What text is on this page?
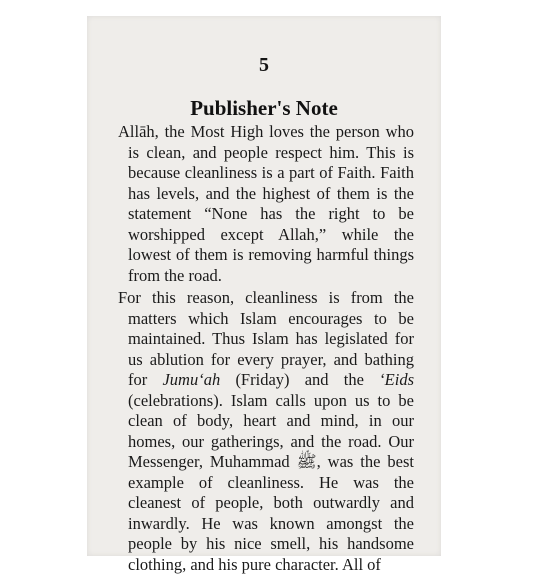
5
Publisher's Note

Allāh, the Most High loves the person who is clean, and people respect him. This is because cleanliness is a part of Faith. Faith has levels, and the highest of them is the statement “None has the right to be worshipped except Allah,” while the lowest of them is removing harmful things from the road.

For this reason, cleanliness is from the matters which Islam encourages to be maintained. Thus Islam has legislated for us ablution for every prayer, and bathing for Jumu‘ah (Friday) and the ‘Eids (celebrations). Islam calls upon us to be clean of body, heart and mind, in our homes, our gatherings, and the road. Our Messenger, Muhammad ﷺ, was the best example of cleanliness. He was the cleanest of people, both outwardly and inwardly. He was known amongst the people by his nice smell, his handsome clothing, and his pure character. All of
